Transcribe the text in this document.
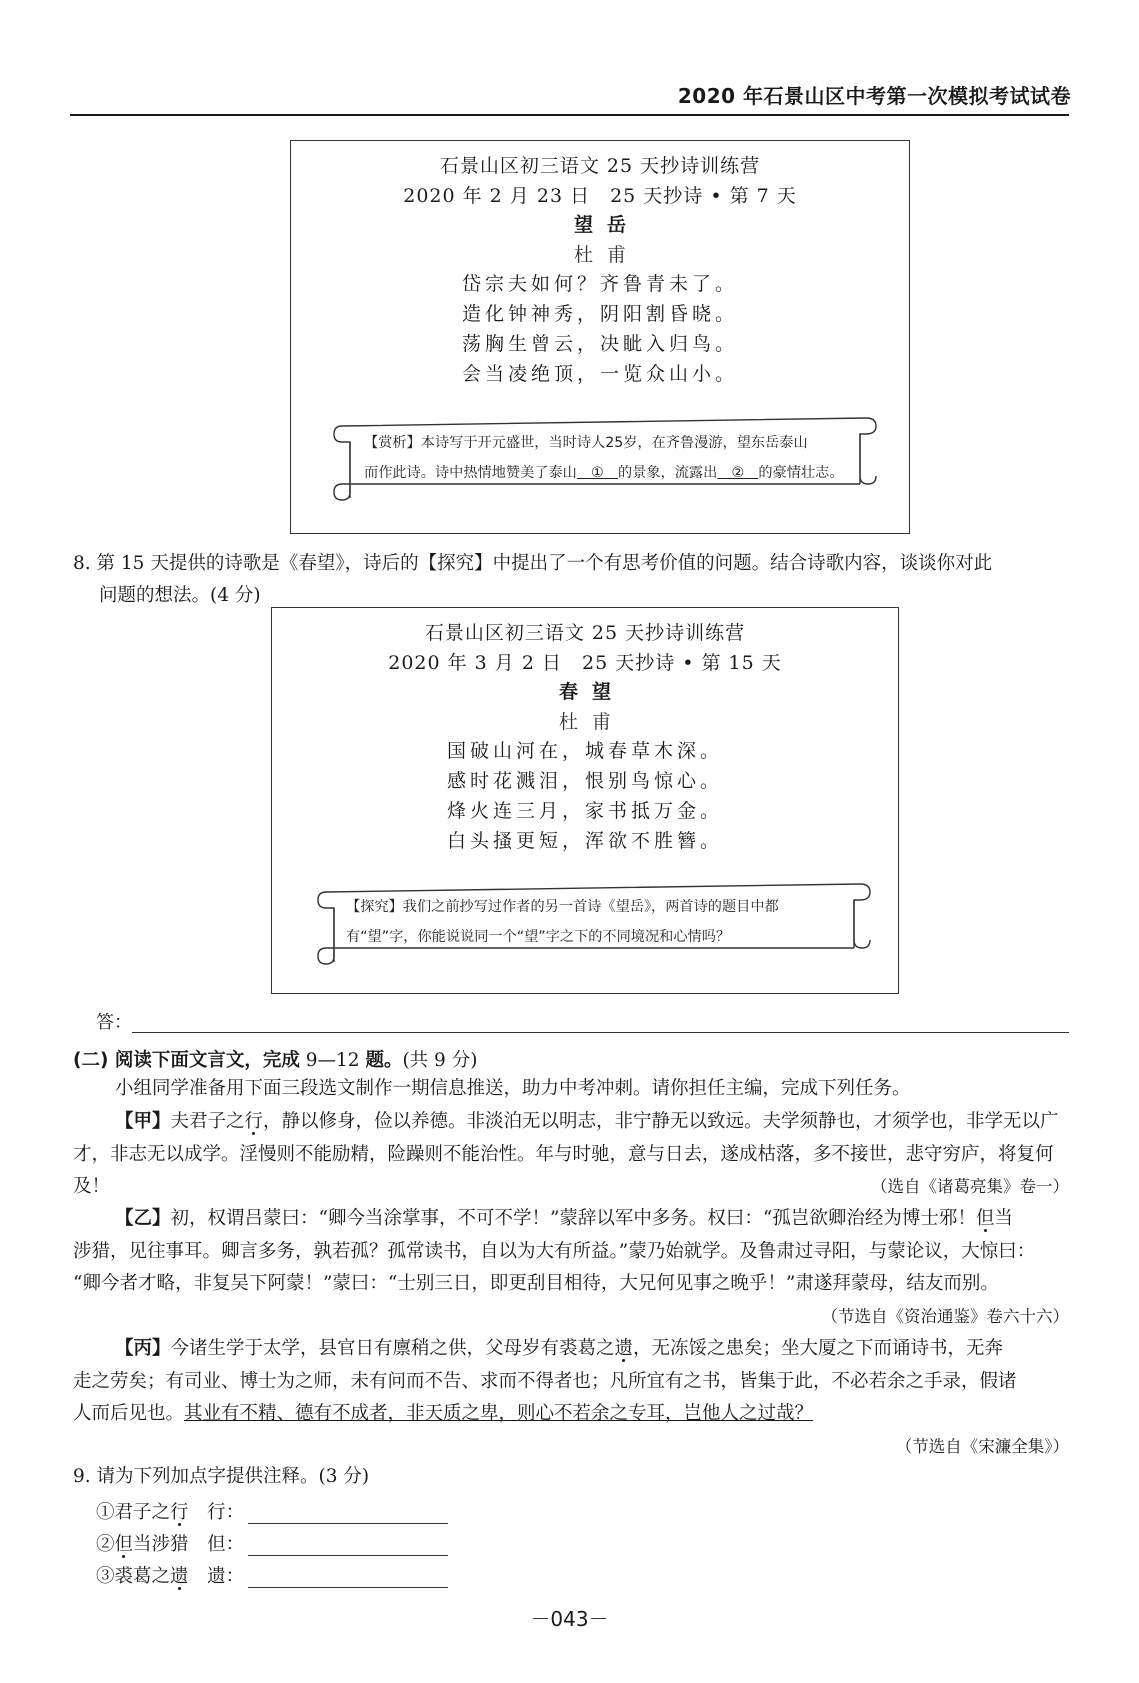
2020 年石景山区中考第一次模拟考试试卷
石景山区初三语文 25 天抄诗训练营
2020 年 2 月 23 日　25 天抄诗 • 第 7 天
望岳
杜甫
岱宗夫如何？齐鲁青未了。
造化钟神秀，阴阳割昏晓。
荡胸生曾云，决眦入归鸟。
会当凌绝顶，一览众山小。
【赏析】本诗写于开元盛世，当时诗人25岁，在齐鲁漫游，望东岳泰山
而作此诗。诗中热情地赞美了泰山　①　的景象，流露出　②　的豪情壮志。
8. 第 15 天提供的诗歌是《春望》，诗后的【探究】中提出了一个有思考价值的问题。结合诗歌内容，谈谈你对此
问题的想法。(4 分)
石景山区初三语文 25 天抄诗训练营
2020 年 3 月 2 日　25 天抄诗 • 第 15 天
春望
杜甫
国破山河在，城春草木深。
感时花溅泪，恨别鸟惊心。
烽火连三月，家书抵万金。
白头搔更短，浑欲不胜簪。
【探究】我们之前抄写过作者的另一首诗《望岳》，两首诗的题目中都
有“望”字，你能说说同一个“望”字之下的不同境况和心情吗？
答：
(二) 阅读下面文言文，完成 9—12 题。(共 9 分)
小组同学准备用下面三段选文制作一期信息推送，助力中考冲刺。请你担任主编，完成下列任务。
【甲】夫君子之行，静以修身，俭以养德。非淡泊无以明志，非宁静无以致远。夫学须静也，才须学也，非学无以广
才，非志无以成学。淫慢则不能励精，险躁则不能治性。年与时驰，意与日去，遂成枯落，多不接世，悲守穷庐，将复何及！	（选自《诸葛亮集》卷一）
【乙】初，权谓吕蒙曰：“卿今当涂掌事，不可不学！”蒙辞以军中多务。权曰：“孤岂欲卿治经为博士邪！但当
涉猎，见往事耳。卿言多务，孰若孤？孤常读书，自以为大有所益。”蒙乃始就学。及鲁肃过寻阳，与蒙论议，大惊曰：
“卿今者才略，非复吴下阿蒙！”蒙曰：“士别三日，即更刮目相待，大兄何见事之晚乎！”肃遂拜蒙母，结友而别。
（节选自《资治通鉴》卷六十六）
【丙】今诸生学于太学，县官日有廪稍之供，父母岁有裘葛之遗，无冻馁之患矣；坐大厦之下而诵诗书，无奔
走之劳矣；有司业、博士为之师，未有问而不告、求而不得者也；凡所宜有之书，皆集于此，不必若余之手录，假诸
人而后见也。其业有不精、德有不成者，非天质之卑，则心不若余之专耳，岂他人之过哉？
（节选自《宋濂全集》）
9. 请为下列加点字提供注释。(3 分)
①君子之行　 行：
②但当涉猎　 但：
③裘葛之遗　 遗：
－043－
